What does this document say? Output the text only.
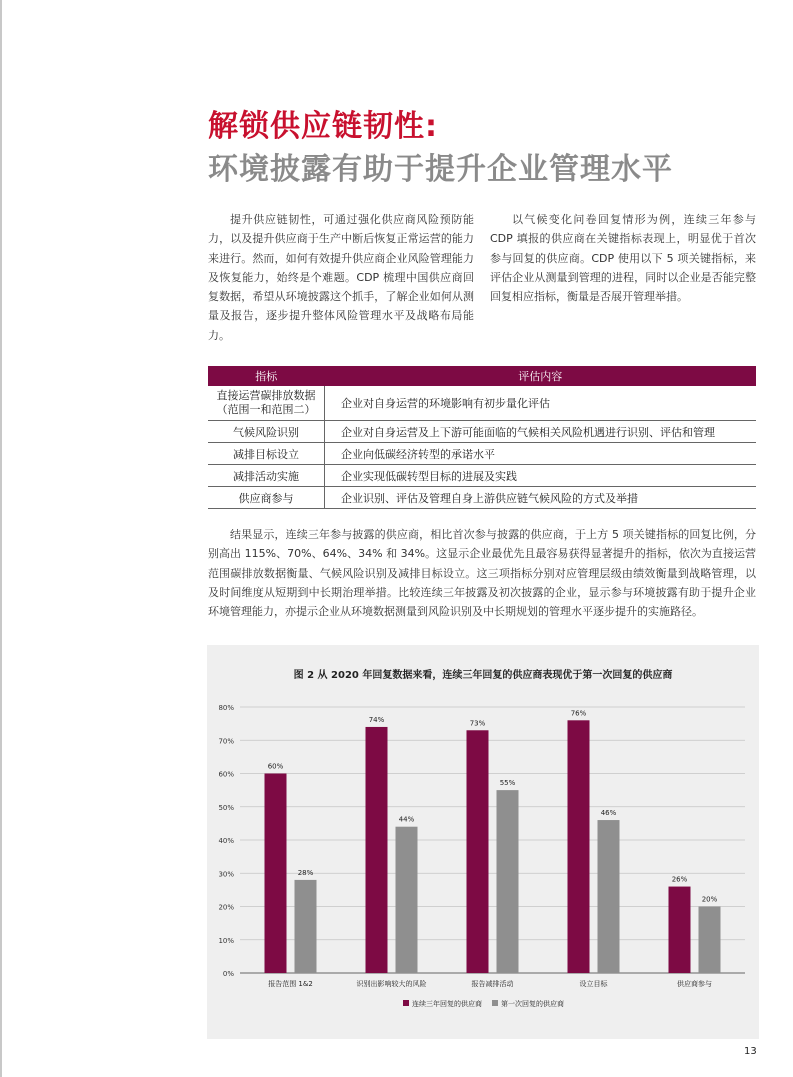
解锁供应链韧性:
环境披露有助于提升企业管理水平
提升供应链韧性，可通过强化供应商风险预防能力，以及提升供应商于生产中断后恢复正常运营的能力来进行。然而，如何有效提升供应商企业风险管理能力及恢复能力，始终是个难题。CDP 梳理中国供应商回复数据，希望从环境披露这个抓手，了解企业如何从测量及报告，逐步提升整体风险管理水平及战略布局能力。
以气候变化问卷回复情形为例，连续三年参与 CDP 填报的供应商在关键指标表现上，明显优于首次参与回复的供应商。CDP 使用以下 5 项关键指标，来评估企业从测量到管理的进程，同时以企业是否能完整回复相应指标，衡量是否展开管理举措。
指标	评估内容
直接运营碳排放数据
（范围一和范围二）	企业对自身运营的环境影响有初步量化评估
气候风险识别	企业对自身运营及上下游可能面临的气候相关风险机遇进行识别、评估和管理
减排目标设立	企业向低碳经济转型的承诺水平
减排活动实施	企业实现低碳转型目标的进展及实践
供应商参与	企业识别、评估及管理自身上游供应链气候风险的方式及举措
结果显示，连续三年参与披露的供应商，相比首次参与披露的供应商，于上方 5 项关键指标的回复比例，分别高出 115%、70%、64%、34% 和 34%。这显示企业最优先且最容易获得显著提升的指标，依次为直接运营范围碳排放数据衡量、气候风险识别及减排目标设立。这三项指标分别对应管理层级由绩效衡量到战略管理，以及时间维度从短期到中长期治理举措。比较连续三年披露及初次披露的企业，显示参与环境披露有助于提升企业环境管理能力，亦提示企业从环境数据测量到风险识别及中长期规划的管理水平逐步提升的实施路径。
图 2 从 2020 年回复数据来看，连续三年回复的供应商表现优于第一次回复的供应商
0%
10%
20%
30%
40%
50%
60%
70%
80%
60%
28%
报告范围 1&2
74%
44%
识别出影响较大的风险
73%
55%
报告减排活动
76%
46%
设立目标
26%
20%
供应商参与
连续三年回复的供应商	第一次回复的供应商
13
